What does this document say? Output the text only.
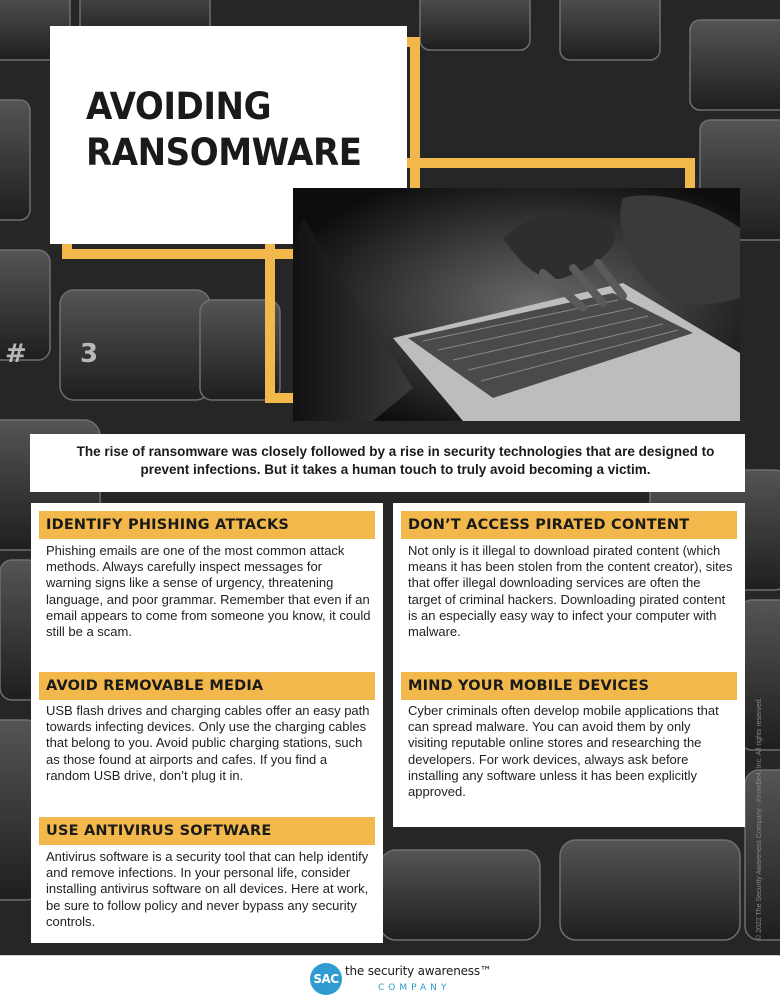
# 3
AVOIDING
RANSOMWARE
The rise of ransomware was closely followed by a rise in security technologies that are designed to prevent infections. But it takes a human touch to truly avoid becoming a victim.
IDENTIFY PHISHING ATTACKS
Phishing emails are one of the most common attack methods. Always carefully inspect messages for warning signs like a sense of urgency, threatening language, and poor grammar. Remember that even if an email appears to come from someone you know, it could still be a scam.
AVOID REMOVABLE MEDIA
USB flash drives and charging cables offer an easy path towards infecting devices. Only use the charging cables that belong to you. Avoid public charging stations, such as those found at airports and cafes. If you find a random USB drive, don’t plug it in.
USE ANTIVIRUS SOFTWARE
Antivirus software is a security tool that can help identify and remove infections. In your personal life, consider installing antivirus software on all devices. Here at work, be sure to follow policy and never bypass any security controls.
DON’T ACCESS PIRATED CONTENT
Not only is it illegal to download pirated content (which means it has been stolen from the content creator), sites that offer illegal downloading services are often the target of criminal hackers. Downloading pirated content is an especially easy way to infect your computer with malware.
MIND YOUR MOBILE DEVICES
Cyber criminals often develop mobile applications that can spread malware. You can avoid them by only visiting reputable online stores and researching the developers. For work devices, always ask before installing any software unless it has been explicitly approved.	© 2022 The Security Awareness Company - KnowBe4, Inc. All rights reserved.
SAC
the security awareness™
COMPANY
